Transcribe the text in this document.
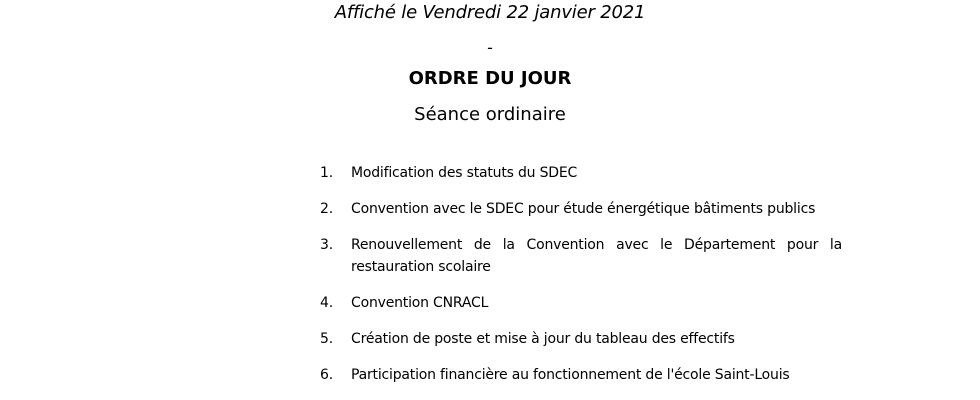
Affiché le Vendredi 22 janvier 2021
-
ORDRE DU JOUR
Séance ordinaire
1.	Modification des statuts du SDEC
2.	Convention avec le SDEC pour étude énergétique bâtiments publics
3.	Renouvellement de la Convention avec le Département pour la restauration scolaire
4.	Convention CNRACL
5.	Création de poste et mise à jour du tableau des effectifs
6.	Participation financière au fonctionnement de l'école Saint-Louis
